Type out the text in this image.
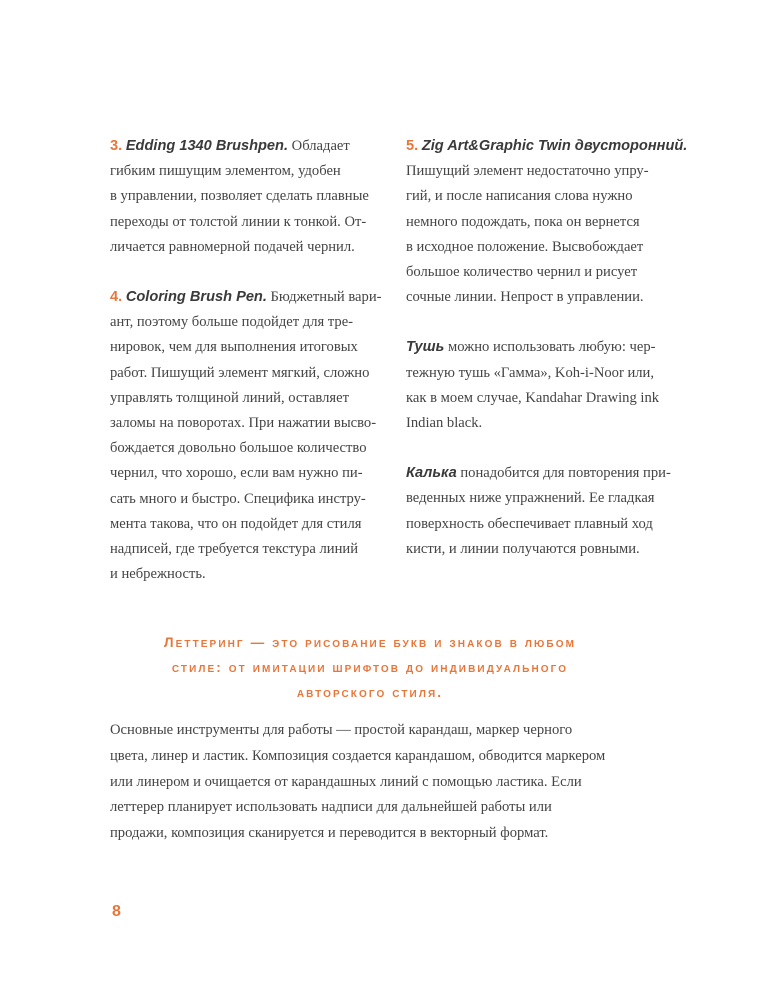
3. Edding 1340 Brushpen. Обладает
гибким пишущим элементом, удобен
в управлении, позволяет сделать плавные
переходы от толстой линии к тонкой. От-
личается равномерной подачей чернил.
4. Coloring Brush Pen. Бюджетный вари-
ант, поэтому больше подойдет для тре-
нировок, чем для выполнения итоговых
работ. Пишущий элемент мягкий, сложно
управлять толщиной линий, оставляет
заломы на поворотах. При нажатии высво-
бождается довольно большое количество
чернил, что хорошо, если вам нужно пи-
сать много и быстро. Специфика инстру-
мента такова, что он подойдет для стиля
надписей, где требуется текстура линий
и небрежность.
5. Zig Art&Graphic Twin двусторонний.
Пишущий элемент недостаточно упру-
гий, и после написания слова нужно
немного подождать, пока он вернется
в исходное положение. Высвобождает
большое количество чернил и рисует
сочные линии. Непрост в управлении.
Тушь можно использовать любую: чер-
тежную тушь «Гамма», Koh-i-Noor или,
как в моем случае, Kandahar Drawing ink
Indian black.
Калька понадобится для повторения при-
веденных ниже упражнений. Ее гладкая
поверхность обеспечивает плавный ход
кисти, и линии получаются ровными.
Леттеринг — это рисование букв и знаков в любом
стиле: от имитации шрифтов до индивидуального
авторского стиля.
Основные инструменты для работы — простой карандаш, маркер черного
цвета, линер и ластик. Композиция создается карандашом, обводится маркером
или линером и очищается от карандашных линий с помощью ластика. Если
леттерер планирует использовать надписи для дальнейшей работы или
продажи, композиция сканируется и переводится в векторный формат.
8
